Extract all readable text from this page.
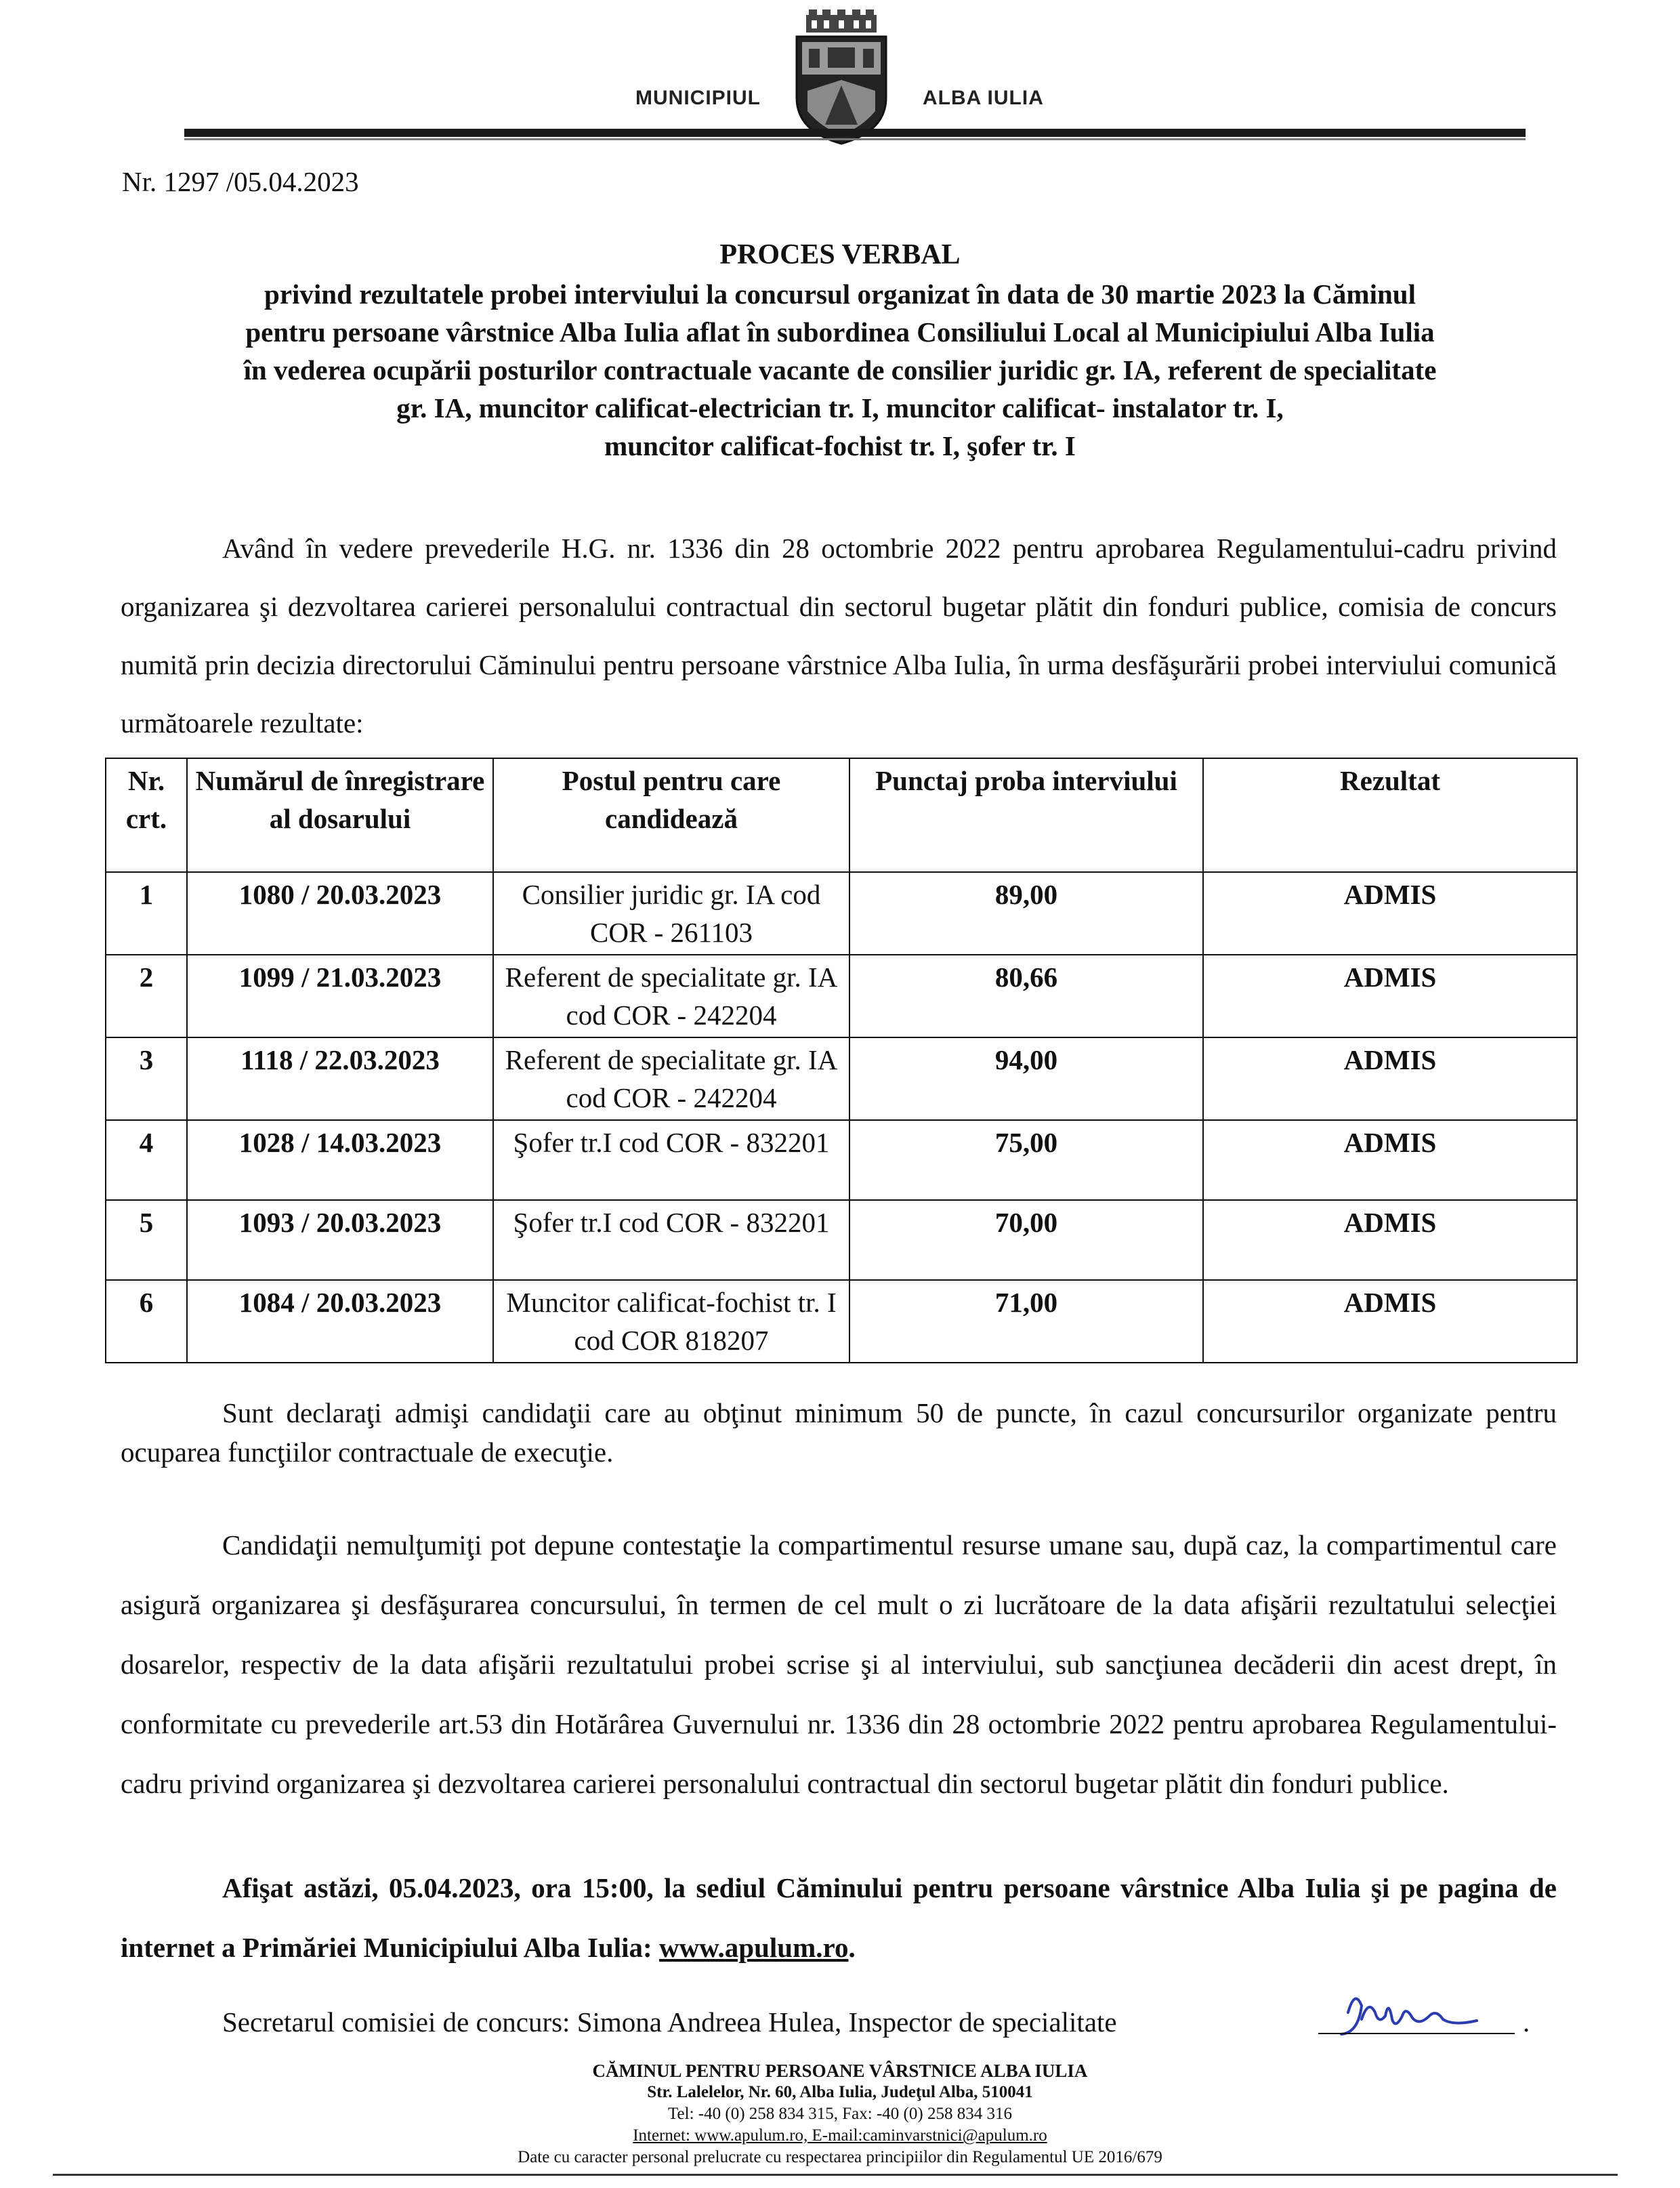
MUNICIPIUL	ALBA IULIA
Nr. 1297 /05.04.2023
PROCES VERBAL
privind rezultatele probei interviului la concursul organizat în data de 30 martie 2023 la Căminul
pentru persoane vârstnice Alba Iulia aflat în subordinea Consiliului Local al Municipiului Alba Iulia
în vederea ocupării posturilor contractuale vacante de consilier juridic gr. IA, referent de specialitate
gr. IA, muncitor calificat-electrician tr. I, muncitor calificat- instalator tr. I,
muncitor calificat-fochist tr. I, şofer tr. I
Având în vedere prevederile H.G. nr. 1336 din 28 octombrie 2022 pentru aprobarea Regulamentului-cadru privind organizarea şi dezvoltarea carierei personalului contractual din sectorul bugetar plătit din fonduri publice, comisia de concurs numită prin decizia directorului Căminului pentru persoane vârstnice Alba Iulia, în urma desfăşurării probei interviului comunică următoarele rezultate:
Nr. crt.	Numărul de înregistrare al dosarului	Postul pentru care candidează	Punctaj proba interviului	Rezultat
1	1080 / 20.03.2023	Consilier juridic gr. IA cod COR - 261103	89,00	ADMIS
2	1099 / 21.03.2023	Referent de specialitate gr. IA cod COR - 242204	80,66	ADMIS
3	1118 / 22.03.2023	Referent de specialitate gr. IA cod COR - 242204	94,00	ADMIS
4	1028 / 14.03.2023	Şofer tr.I cod COR - 832201	75,00	ADMIS
5	1093 / 20.03.2023	Şofer tr.I cod COR - 832201	70,00	ADMIS
6	1084 / 20.03.2023	Muncitor calificat-fochist tr. I cod COR 818207	71,00	ADMIS
Sunt declaraţi admişi candidaţii care au obţinut minimum 50 de puncte, în cazul concursurilor organizate pentru ocuparea funcţiilor contractuale de execuţie.
Candidaţii nemulţumiţi pot depune contestaţie la compartimentul resurse umane sau, după caz, la compartimentul care asigură organizarea şi desfăşurarea concursului, în termen de cel mult o zi lucrătoare de la data afişării rezultatului selecţiei dosarelor, respectiv de la data afişării rezultatului probei scrise şi al interviului, sub sancţiunea decăderii din acest drept, în conformitate cu prevederile art.53 din Hotărârea Guvernului nr. 1336 din 28 octombrie 2022 pentru aprobarea Regulamentului-cadru privind organizarea şi dezvoltarea carierei personalului contractual din sectorul bugetar plătit din fonduri publice.
Afişat astăzi, 05.04.2023, ora 15:00, la sediul Căminului pentru persoane vârstnice Alba Iulia şi pe pagina de internet a Primăriei Municipiului Alba Iulia: www.apulum.ro.
Secretarul comisiei de concurs: Simona Andreea Hulea, Inspector de specialitate	.
CĂMINUL PENTRU PERSOANE VÂRSTNICE ALBA IULIA
Str. Lalelelor, Nr. 60, Alba Iulia, Judeţul Alba, 510041
Tel: -40 (0) 258 834 315, Fax: -40 (0) 258 834 316
Internet: www.apulum.ro, E-mail:caminvarstnici@apulum.ro
Date cu caracter personal prelucrate cu respectarea principiilor din Regulamentul UE 2016/679
